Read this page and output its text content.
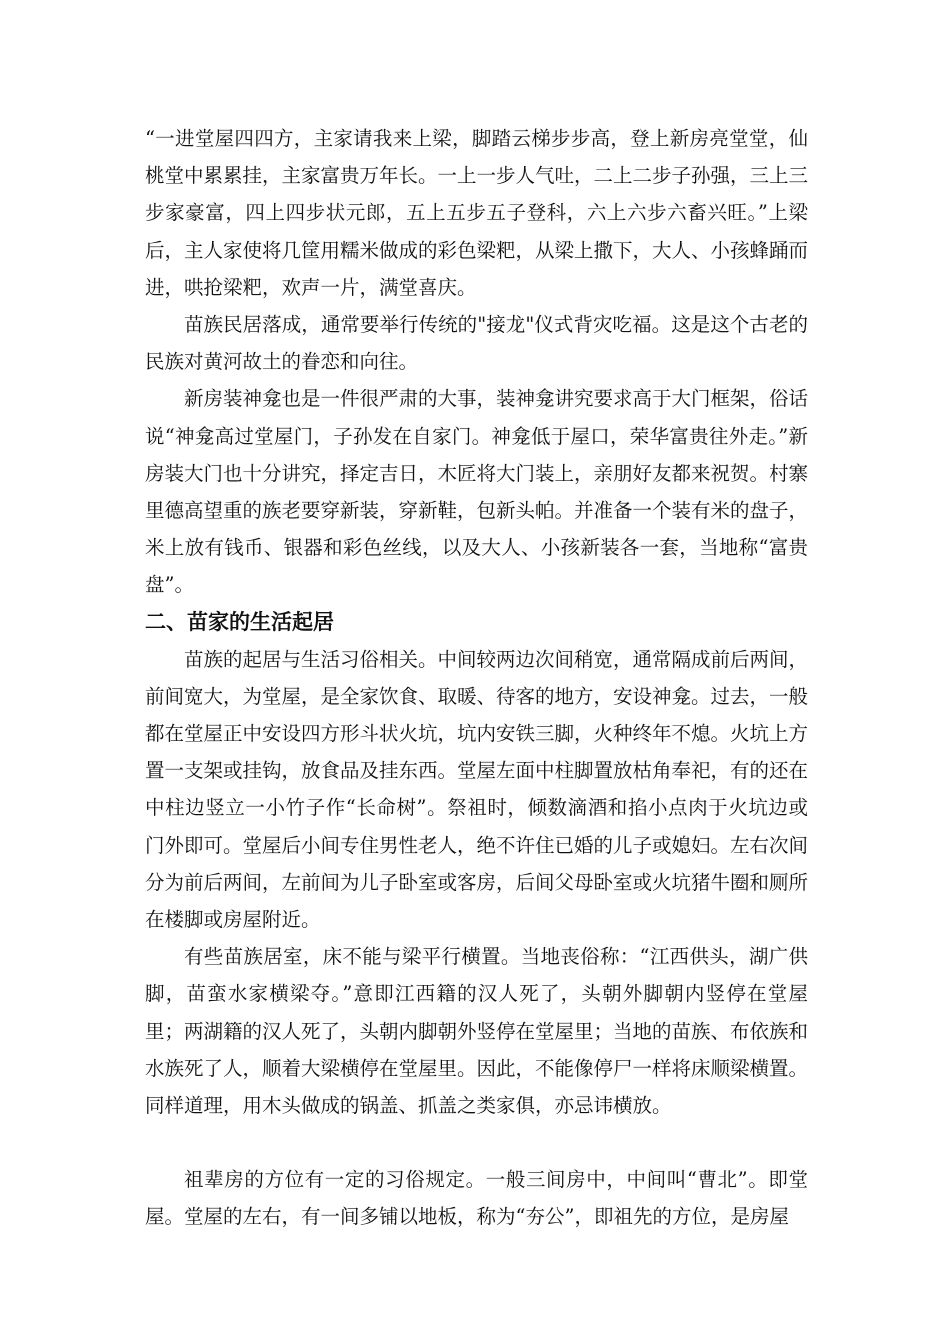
“一进堂屋四四方，主家请我来上梁，脚踏云梯步步高，登上新房亮堂堂，仙桃堂中累累挂，主家富贵万年长。一上一步人气吐，二上二步子孙强，三上三步家豪富，四上四步状元郎，五上五步五子登科，六上六步六畜兴旺。”上梁后，主人家使将几筐用糯米做成的彩色梁粑，从梁上撒下，大人、小孩蜂踊而进，哄抢梁粑，欢声一片，满堂喜庆。

苗族民居落成，通常要举行传统的"接龙"仪式背灾吃福。这是这个古老的民族对黄河故土的眷恋和向往。

新房装神龛也是一件很严肃的大事，装神龛讲究要求高于大门框架，俗话说“神龛高过堂屋门，子孙发在自家门。神龛低于屋口，荣华富贵往外走。”新房装大门也十分讲究，择定吉日，木匠将大门装上，亲朋好友都来祝贺。村寨里德高望重的族老要穿新装，穿新鞋，包新头帕。并准备一个装有米的盘子，米上放有钱币、银器和彩色丝线，以及大人、小孩新装各一套，当地称“富贵盘”。

二、苗家的生活起居

苗族的起居与生活习俗相关。中间较两边次间稍宽，通常隔成前后两间，前间宽大，为堂屋，是全家饮食、取暖、待客的地方，安设神龛。过去，一般都在堂屋正中安设四方形斗状火坑，坑内安铁三脚，火种终年不熄。火坑上方置一支架或挂钩，放食品及挂东西。堂屋左面中柱脚置放枯角奉祀，有的还在中柱边竖立一小竹子作“长命树”。祭祖时，倾数滴酒和掐小点肉于火坑边或门外即可。堂屋后小间专住男性老人，绝不许住已婚的儿子或媳妇。左右次间分为前后两间，左前间为儿子卧室或客房，后间父母卧室或火坑猪牛圈和厕所在楼脚或房屋附近。

有些苗族居室，床不能与梁平行横置。当地丧俗称：“江西供头，湖广供脚，苗蛮水家横梁夺。”意即江西籍的汉人死了，头朝外脚朝内竖停在堂屋里；两湖籍的汉人死了，头朝内脚朝外竖停在堂屋里；当地的苗族、布依族和水族死了人，顺着大梁横停在堂屋里。因此，不能像停尸一样将床顺梁横置。同样道理，用木头做成的锅盖、抓盖之类家俱，亦忌讳横放。

祖辈房的方位有一定的习俗规定。一般三间房中，中间叫“曹北”。即堂屋。堂屋的左右，有一间多铺以地板，称为“夯公”，即祖先的方位，是房屋
